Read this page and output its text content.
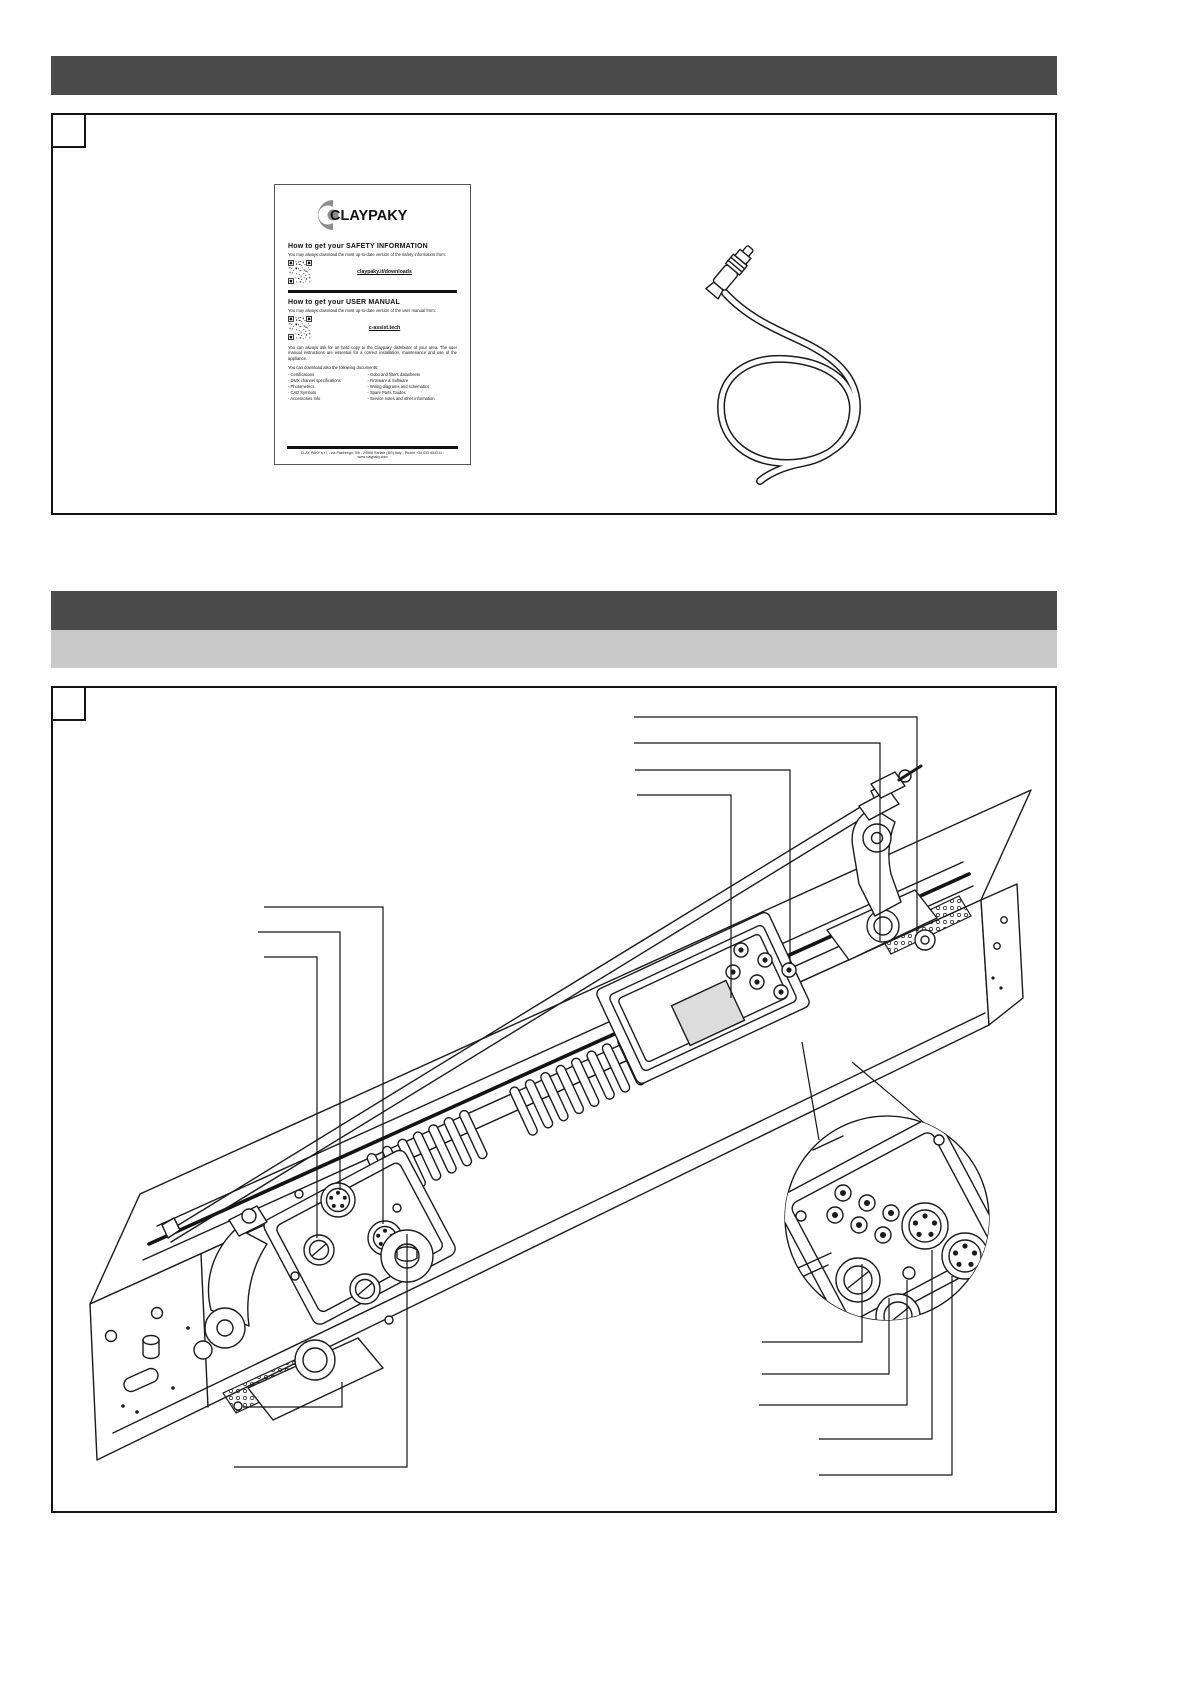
CLAYPAKY
How to get your SAFETY INFORMATION
You may always download the most up-to-date version of the safety information from:
claypaky.it/downloads
How to get your USER MANUAL
You may always download the most up-to-date version of the user manual from:
c-assist.tech
You can always ask for an hard copy to the Claypaky distributor of your area. The user manual instructions are essential for a correct installation, maintenance and use of the appliance.
You can download also the following documents:
- Certifications
- DMX channel specifications
- Photometrics
- CAD Symbols
- Accessories Info
- Gobo and filters datasheets
- Firmware & Software
- Wiring diagrams and schematics
- Spare Parts Guides
- Service notes and other information
CLAY PAKY s.r.l. - via Pastrengo, 3/b - 24068 Seriate (BG) Italy - Phone +39 035 654311 - www.claypaky.com
